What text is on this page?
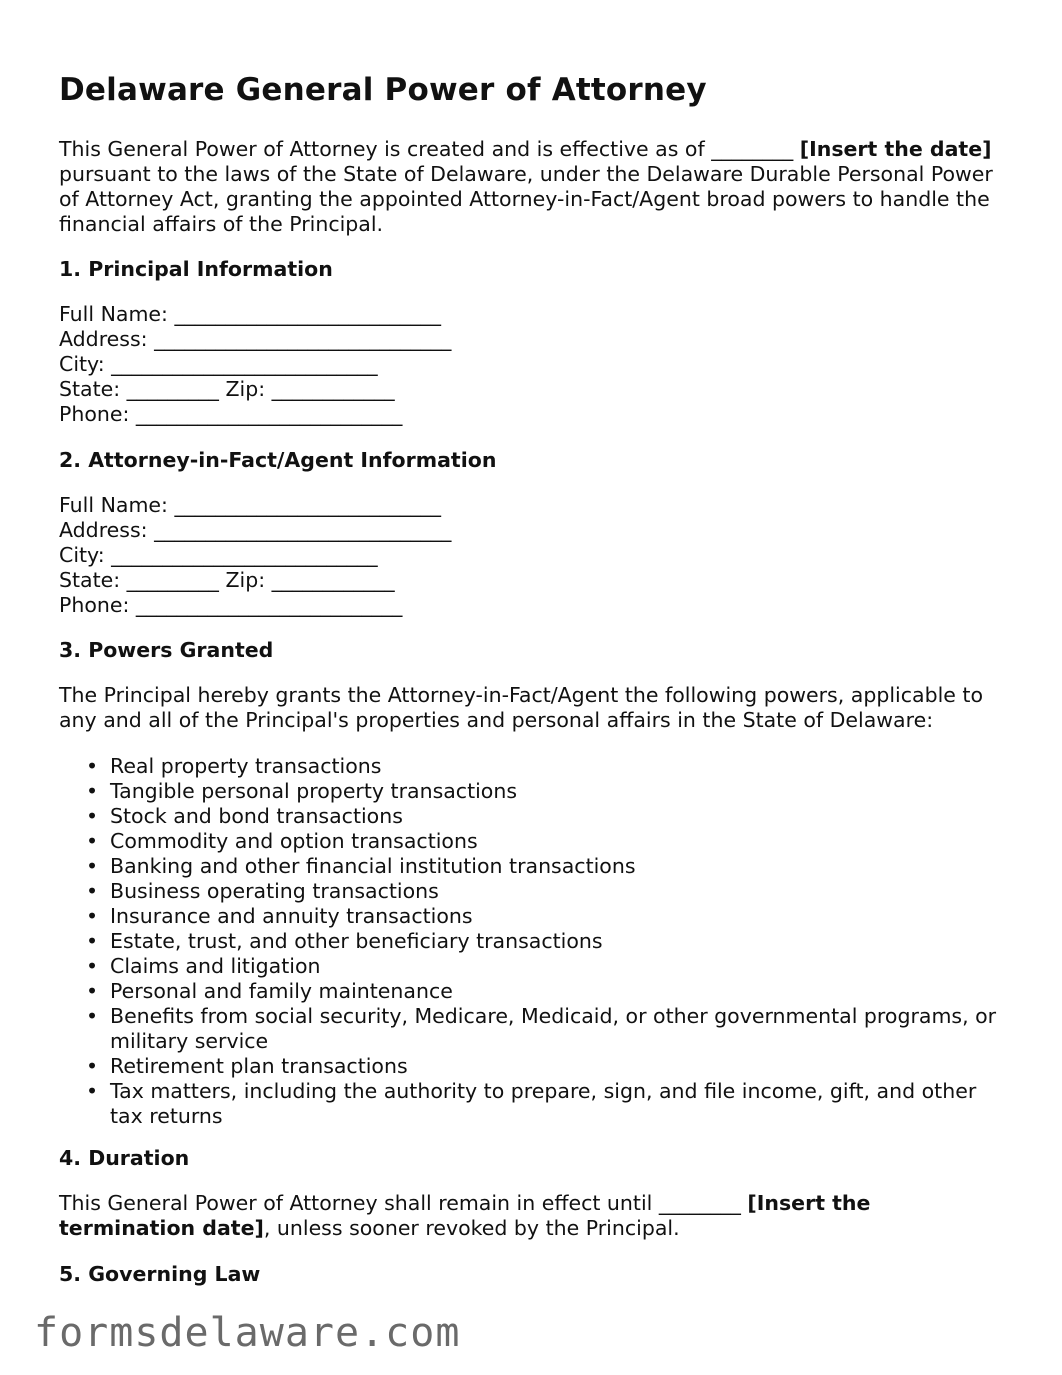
Delaware General Power of Attorney

This General Power of Attorney is created and is effective as of ________ [Insert the date] pursuant to the laws of the State of Delaware, under the Delaware Durable Personal Power of Attorney Act, granting the appointed Attorney-in-Fact/Agent broad powers to handle the financial affairs of the Principal.

1. Principal Information

Full Name: __________________________
Address: _____________________________
City: __________________________
State: _________ Zip: ____________
Phone: __________________________

2. Attorney-in-Fact/Agent Information

Full Name: __________________________
Address: _____________________________
City: __________________________
State: _________ Zip: ____________
Phone: __________________________

3. Powers Granted

The Principal hereby grants the Attorney-in-Fact/Agent the following powers, applicable to any and all of the Principal's properties and personal affairs in the State of Delaware:

• Real property transactions
• Tangible personal property transactions
• Stock and bond transactions
• Commodity and option transactions
• Banking and other financial institution transactions
• Business operating transactions
• Insurance and annuity transactions
• Estate, trust, and other beneficiary transactions
• Claims and litigation
• Personal and family maintenance
• Benefits from social security, Medicare, Medicaid, or other governmental programs, or military service
• Retirement plan transactions
• Tax matters, including the authority to prepare, sign, and file income, gift, and other tax returns

4. Duration

This General Power of Attorney shall remain in effect until ________ [Insert the termination date], unless sooner revoked by the Principal.

5. Governing Law

formsdelaware.com
